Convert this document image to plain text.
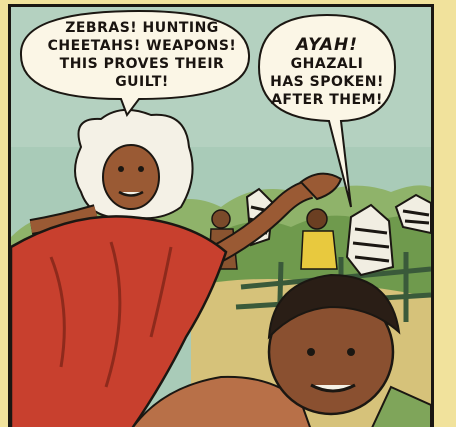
ZEBRAS! HUNTING
CHEETAHS! WEAPONS!
THIS PROVES THEIR
GUILT!
AYAH!
GHAZALI
HAS SPOKEN!
AFTER THEM!
